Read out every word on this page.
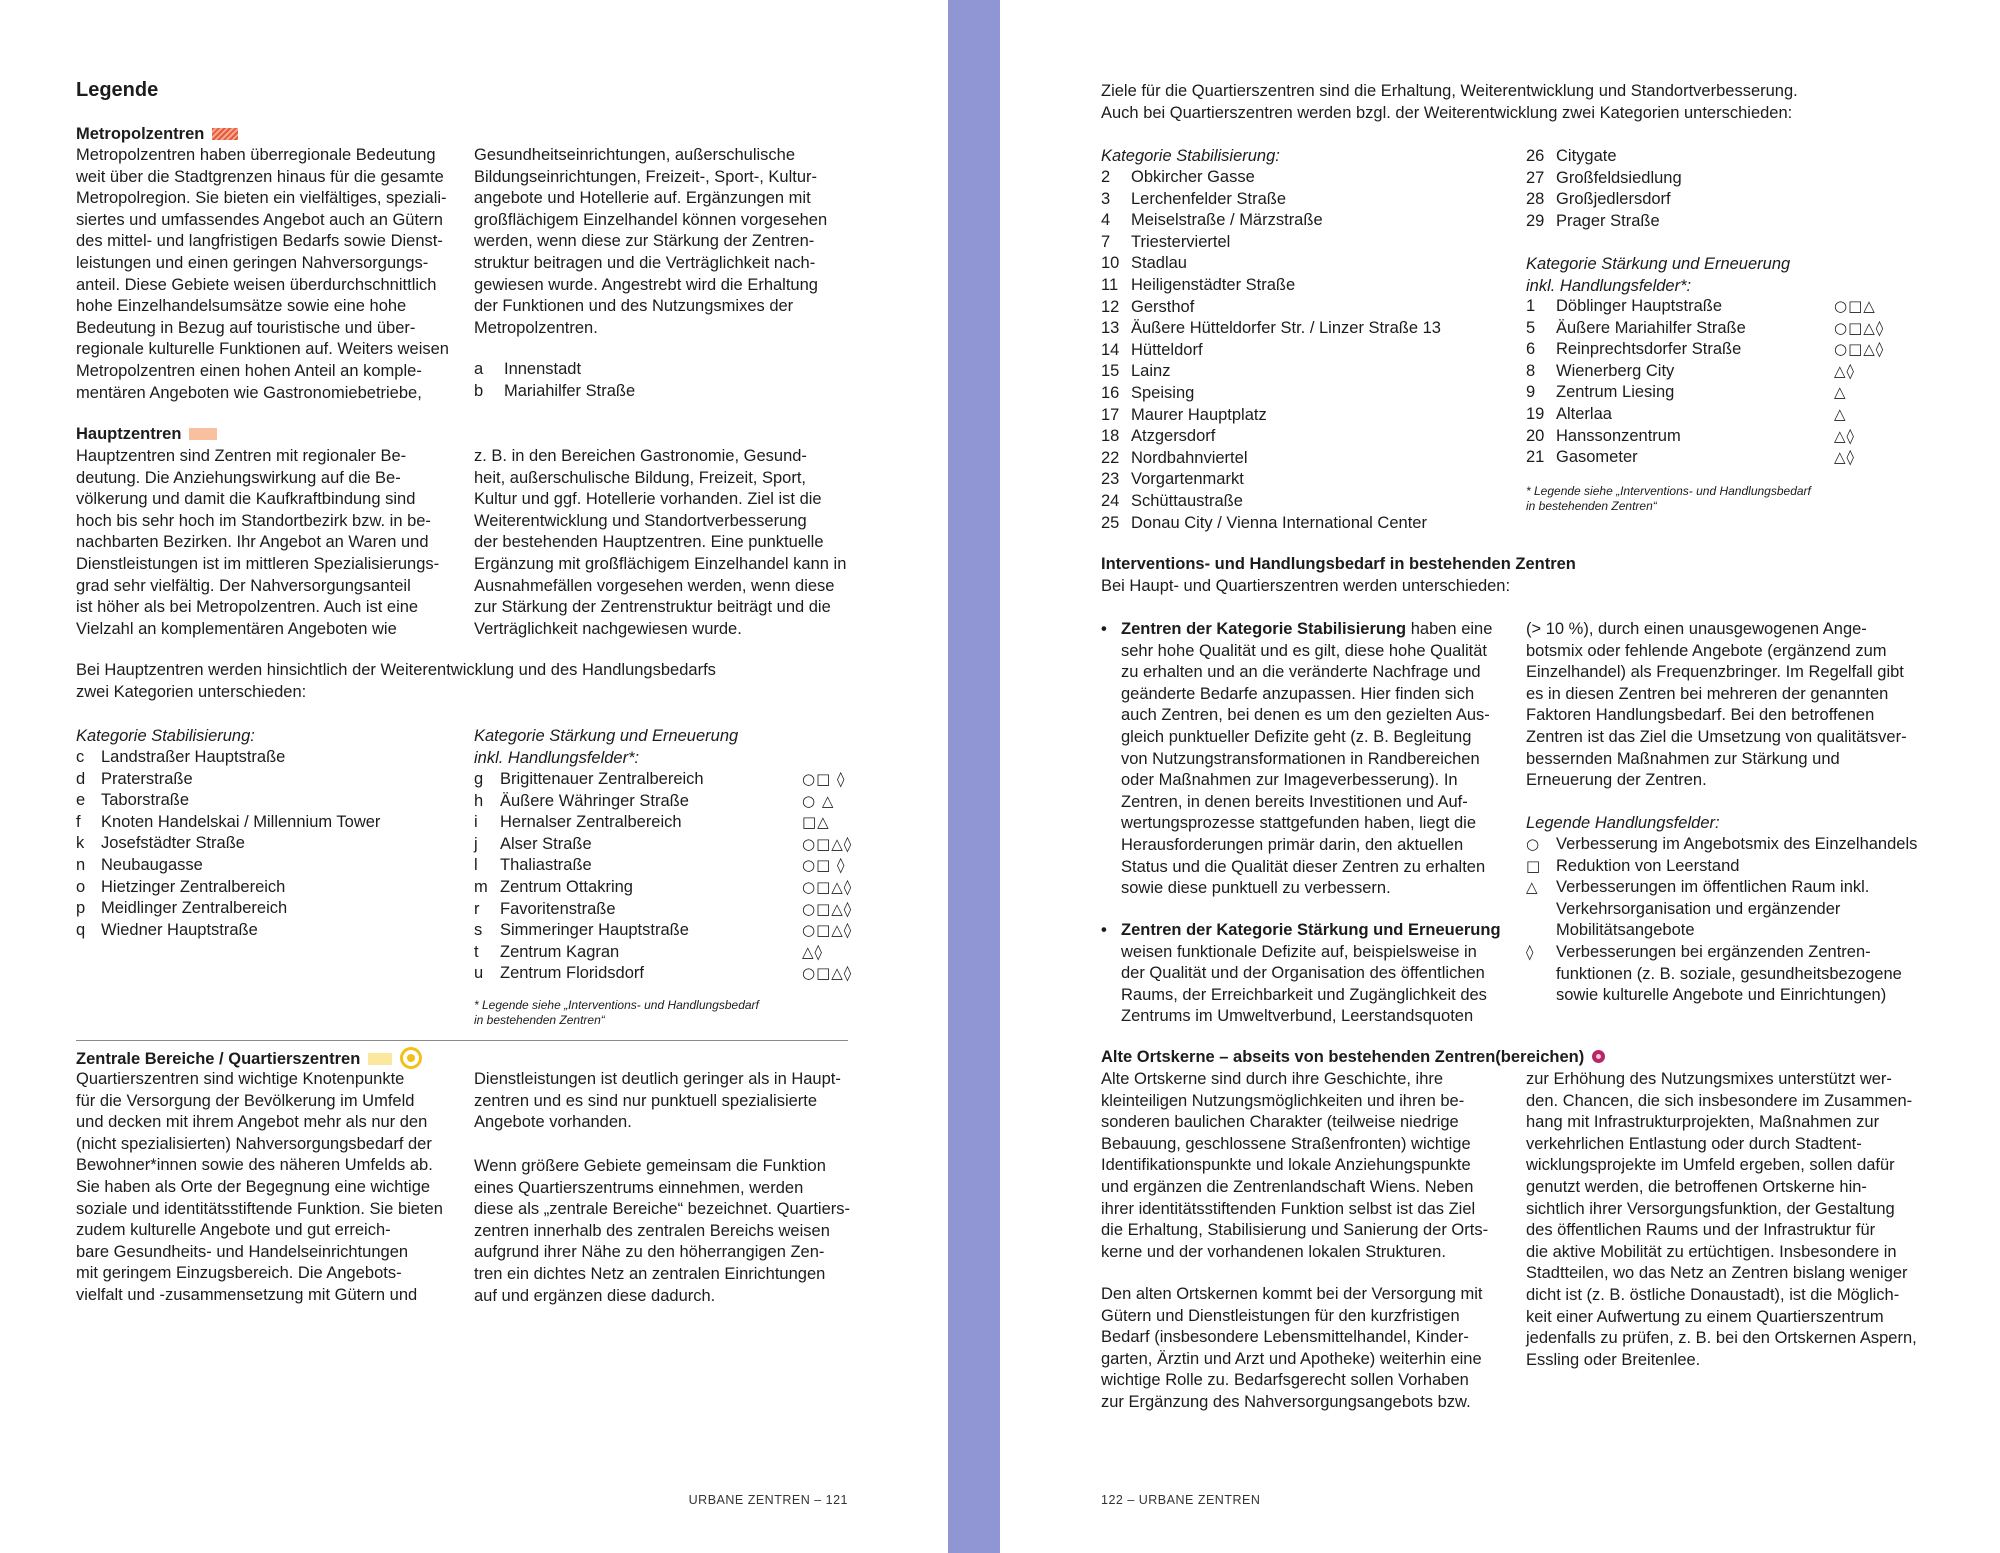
Legende
Metropolzentren
Metropolzentren haben überregionale Bedeutung
weit über die Stadtgrenzen hinaus für die gesamte
Metropolregion. Sie bieten ein vielfältiges, speziali-
siertes und umfassendes Angebot auch an Gütern
des mittel- und langfristigen Bedarfs sowie Dienst-
leistungen und einen geringen Nahversorgungs-
anteil. Diese Gebiete weisen überdurchschnittlich
hohe Einzelhandelsumsätze sowie eine hohe
Bedeutung in Bezug auf touristische und über-
regionale kulturelle Funktionen auf. Weiters weisen
Metropolzentren einen hohen Anteil an komple-
mentären Angeboten wie Gastronomiebetriebe,
Gesundheitseinrichtungen, außerschulische
Bildungseinrichtungen, Freizeit-, Sport-, Kultur-
angebote und Hotellerie auf. Ergänzungen mit
großflächigem Einzelhandel können vorgesehen
werden, wenn diese zur Stärkung der Zentren-
struktur beitragen und die Verträglichkeit nach-
gewiesen wurde. Angestrebt wird die Erhaltung
der Funktionen und des Nutzungsmixes der
Metropolzentren.
a	Innenstadt
b	Mariahilfer Straße
Hauptzentren
Hauptzentren sind Zentren mit regionaler Be-
deutung. Die Anziehungswirkung auf die Be-
völkerung und damit die Kaufkraftbindung sind
hoch bis sehr hoch im Standortbezirk bzw. in be-
nachbarten Bezirken. Ihr Angebot an Waren und
Dienstleistungen ist im mittleren Spezialisierungs-
grad sehr vielfältig. Der Nahversorgungsanteil
ist höher als bei Metropolzentren. Auch ist eine
Vielzahl an komplementären Angeboten wie
z. B. in den Bereichen Gastronomie, Gesund-
heit, außerschulische Bildung, Freizeit, Sport,
Kultur und ggf. Hotellerie vorhanden. Ziel ist die
Weiterentwicklung und Standortverbesserung
der bestehenden Hauptzentren. Eine punktuelle
Ergänzung mit großflächigem Einzelhandel kann in
Ausnahmefällen vorgesehen werden, wenn diese
zur Stärkung der Zentrenstruktur beiträgt und die
Verträglichkeit nachgewiesen wurde.
Bei Hauptzentren werden hinsichtlich der Weiterentwicklung und des Handlungsbedarfs
zwei Kategorien unterschieden:
Kategorie Stabilisierung:
c	Landstraßer Hauptstraße
d Praterstraße
e Taborstraße
f	Knoten Handelskai / Millennium Tower
k	Josefstädter Straße
n Neubaugasse
o Hietzinger Zentralbereich
p Meidlinger Zentralbereich
q Wiedner Hauptstraße
Kategorie Stärkung und Erneuerung
inkl. Handlungsfelder*:
g	Brigittenauer Zentralbereich	○□ ◊
h	Äußere Währinger Straße	○ △
i	Hernalser Zentralbereich	□△
j	Alser Straße	○□△◊
l	Thaliastraße	○□ ◊
m Zentrum Ottakring	○□△◊
r	Favoritenstraße	○□△◊
s	Simmeringer Hauptstraße	○□△◊
t	Zentrum Kagran	△◊
u	Zentrum Floridsdorf	○□△◊
* Legende siehe „Interventions- und Handlungsbedarf
in bestehenden Zentren“
Zentrale Bereiche / Quartierszentren
Quartierszentren sind wichtige Knotenpunkte
für die Versorgung der Bevölkerung im Umfeld
und decken mit ihrem Angebot mehr als nur den
(nicht spezialisierten) Nahversorgungsbedarf der
Bewohner*innen sowie des näheren Umfelds ab.
Sie haben als Orte der Begegnung eine wichtige
soziale und identitätsstiftende Funktion. Sie bieten
zudem kulturelle Angebote und gut erreich-
bare Gesundheits- und Handelseinrichtungen
mit geringem Einzugsbereich. Die Angebots-
vielfalt und -zusammensetzung mit Gütern und
Dienstleistungen ist deutlich geringer als in Haupt-
zentren und es sind nur punktuell spezialisierte
Angebote vorhanden.
Wenn größere Gebiete gemeinsam die Funktion
eines Quartierszentrums einnehmen, werden
diese als „zentrale Bereiche“ bezeichnet. Quartiers-
zentren innerhalb des zentralen Bereichs weisen
aufgrund ihrer Nähe zu den höherrangigen Zen-
tren ein dichtes Netz an zentralen Einrichtungen
auf und ergänzen diese dadurch.
URBANE ZENTREN – 121
Ziele für die Quartierszentren sind die Erhaltung, Weiterentwicklung und Standortverbesserung.
Auch bei Quartierszentren werden bzgl. der Weiterentwicklung zwei Kategorien unterschieden:
Kategorie Stabilisierung:
2	Obkircher Gasse
3	Lerchenfelder Straße
4	Meiselstraße / Märzstraße
7	Triesterviertel
10 Stadlau
11 Heiligenstädter Straße
12 Gersthof
13 Äußere Hütteldorfer Str. / Linzer Straße 13
14 Hütteldorf
15 Lainz
16 Speising
17 Maurer Hauptplatz
18 Atzgersdorf
22 Nordbahnviertel
23 Vorgartenmarkt
24 Schüttaustraße
25 Donau City / Vienna International Center
26 Citygate
27 Großfeldsiedlung
28 Großjedlersdorf
29 Prager Straße
Kategorie Stärkung und Erneuerung
inkl. Handlungsfelder*:
1	Döblinger Hauptstraße	○□△
5	Äußere Mariahilfer Straße	○□△◊
6	Reinprechtsdorfer Straße	○□△◊
8	Wienerberg City	△◊
9	Zentrum Liesing	△
19 Alterlaa	△
20 Hanssonzentrum	△◊
21 Gasometer	△◊
* Legende siehe „Interventions- und Handlungsbedarf
in bestehenden Zentren“
Interventions- und Handlungsbedarf in bestehenden Zentren
Bei Haupt- und Quartierszentren werden unterschieden:
• Zentren der Kategorie Stabilisierung haben eine
sehr hohe Qualität und es gilt, diese hohe Qualität
zu erhalten und an die veränderte Nachfrage und
geänderte Bedarfe anzupassen. Hier finden sich
auch Zentren, bei denen es um den gezielten Aus-
gleich punktueller Defizite geht (z. B. Begleitung
von Nutzungstransformationen in Randbereichen
oder Maßnahmen zur Imageverbesserung). In
Zentren, in denen bereits Investitionen und Auf-
wertungsprozesse stattgefunden haben, liegt die
Herausforderungen primär darin, den aktuellen
Status und die Qualität dieser Zentren zu erhalten
sowie diese punktuell zu verbessern.
• Zentren der Kategorie Stärkung und Erneuerung
weisen funktionale Defizite auf, beispielsweise in
der Qualität und der Organisation des öffentlichen
Raums, der Erreichbarkeit und Zugänglichkeit des
Zentrums im Umweltverbund, Leerstandsquoten
(> 10 %), durch einen unausgewogenen Ange-
botsmix oder fehlende Angebote (ergänzend zum
Einzelhandel) als Frequenzbringer. Im Regelfall gibt
es in diesen Zentren bei mehreren der genannten
Faktoren Handlungsbedarf. Bei den betroffenen
Zentren ist das Ziel die Umsetzung von qualitätsver-
bessernden Maßnahmen zur Stärkung und
Erneuerung der Zentren.
Legende Handlungsfelder:
○	Verbesserung im Angebotsmix des Einzelhandels
□ Reduktion von Leerstand
△	Verbesserungen im öffentlichen Raum inkl.
Verkehrsorganisation und ergänzender
Mobilitätsangebote
◊	Verbesserungen bei ergänzenden Zentren-
funktionen (z. B. soziale, gesundheitsbezogene
sowie kulturelle Angebote und Einrichtungen)
Alte Ortskerne – abseits von bestehenden Zentren(bereichen)
Alte Ortskerne sind durch ihre Geschichte, ihre
kleinteiligen Nutzungsmöglichkeiten und ihren be-
sonderen baulichen Charakter (teilweise niedrige
Bebauung, geschlossene Straßenfronten) wichtige
Identifikationspunkte und lokale Anziehungspunkte
und ergänzen die Zentrenlandschaft Wiens. Neben
ihrer identitätsstiftenden Funktion selbst ist das Ziel
die Erhaltung, Stabilisierung und Sanierung der Orts-
kerne und der vorhandenen lokalen Strukturen.
Den alten Ortskernen kommt bei der Versorgung mit
Gütern und Dienstleistungen für den kurzfristigen
Bedarf (insbesondere Lebensmittelhandel, Kinder-
garten, Ärztin und Arzt und Apotheke) weiterhin eine
wichtige Rolle zu. Bedarfsgerecht sollen Vorhaben
zur Ergänzung des Nahversorgungsangebots bzw.
zur Erhöhung des Nutzungsmixes unterstützt wer-
den. Chancen, die sich insbesondere im Zusammen-
hang mit Infrastrukturprojekten, Maßnahmen zur
verkehrlichen Entlastung oder durch Stadtent-
wicklungsprojekte im Umfeld ergeben, sollen dafür
genutzt werden, die betroffenen Ortskerne hin-
sichtlich ihrer Versorgungsfunktion, der Gestaltung
des öffentlichen Raums und der Infrastruktur für
die aktive Mobilität zu ertüchtigen. Insbesondere in
Stadtteilen, wo das Netz an Zentren bislang weniger
dicht ist (z. B. östliche Donaustadt), ist die Möglich-
keit einer Aufwertung zu einem Quartierszentrum
jedenfalls zu prüfen, z. B. bei den Ortskernen Aspern,
Essling oder Breitenlee.
122 – URBANE ZENTREN
